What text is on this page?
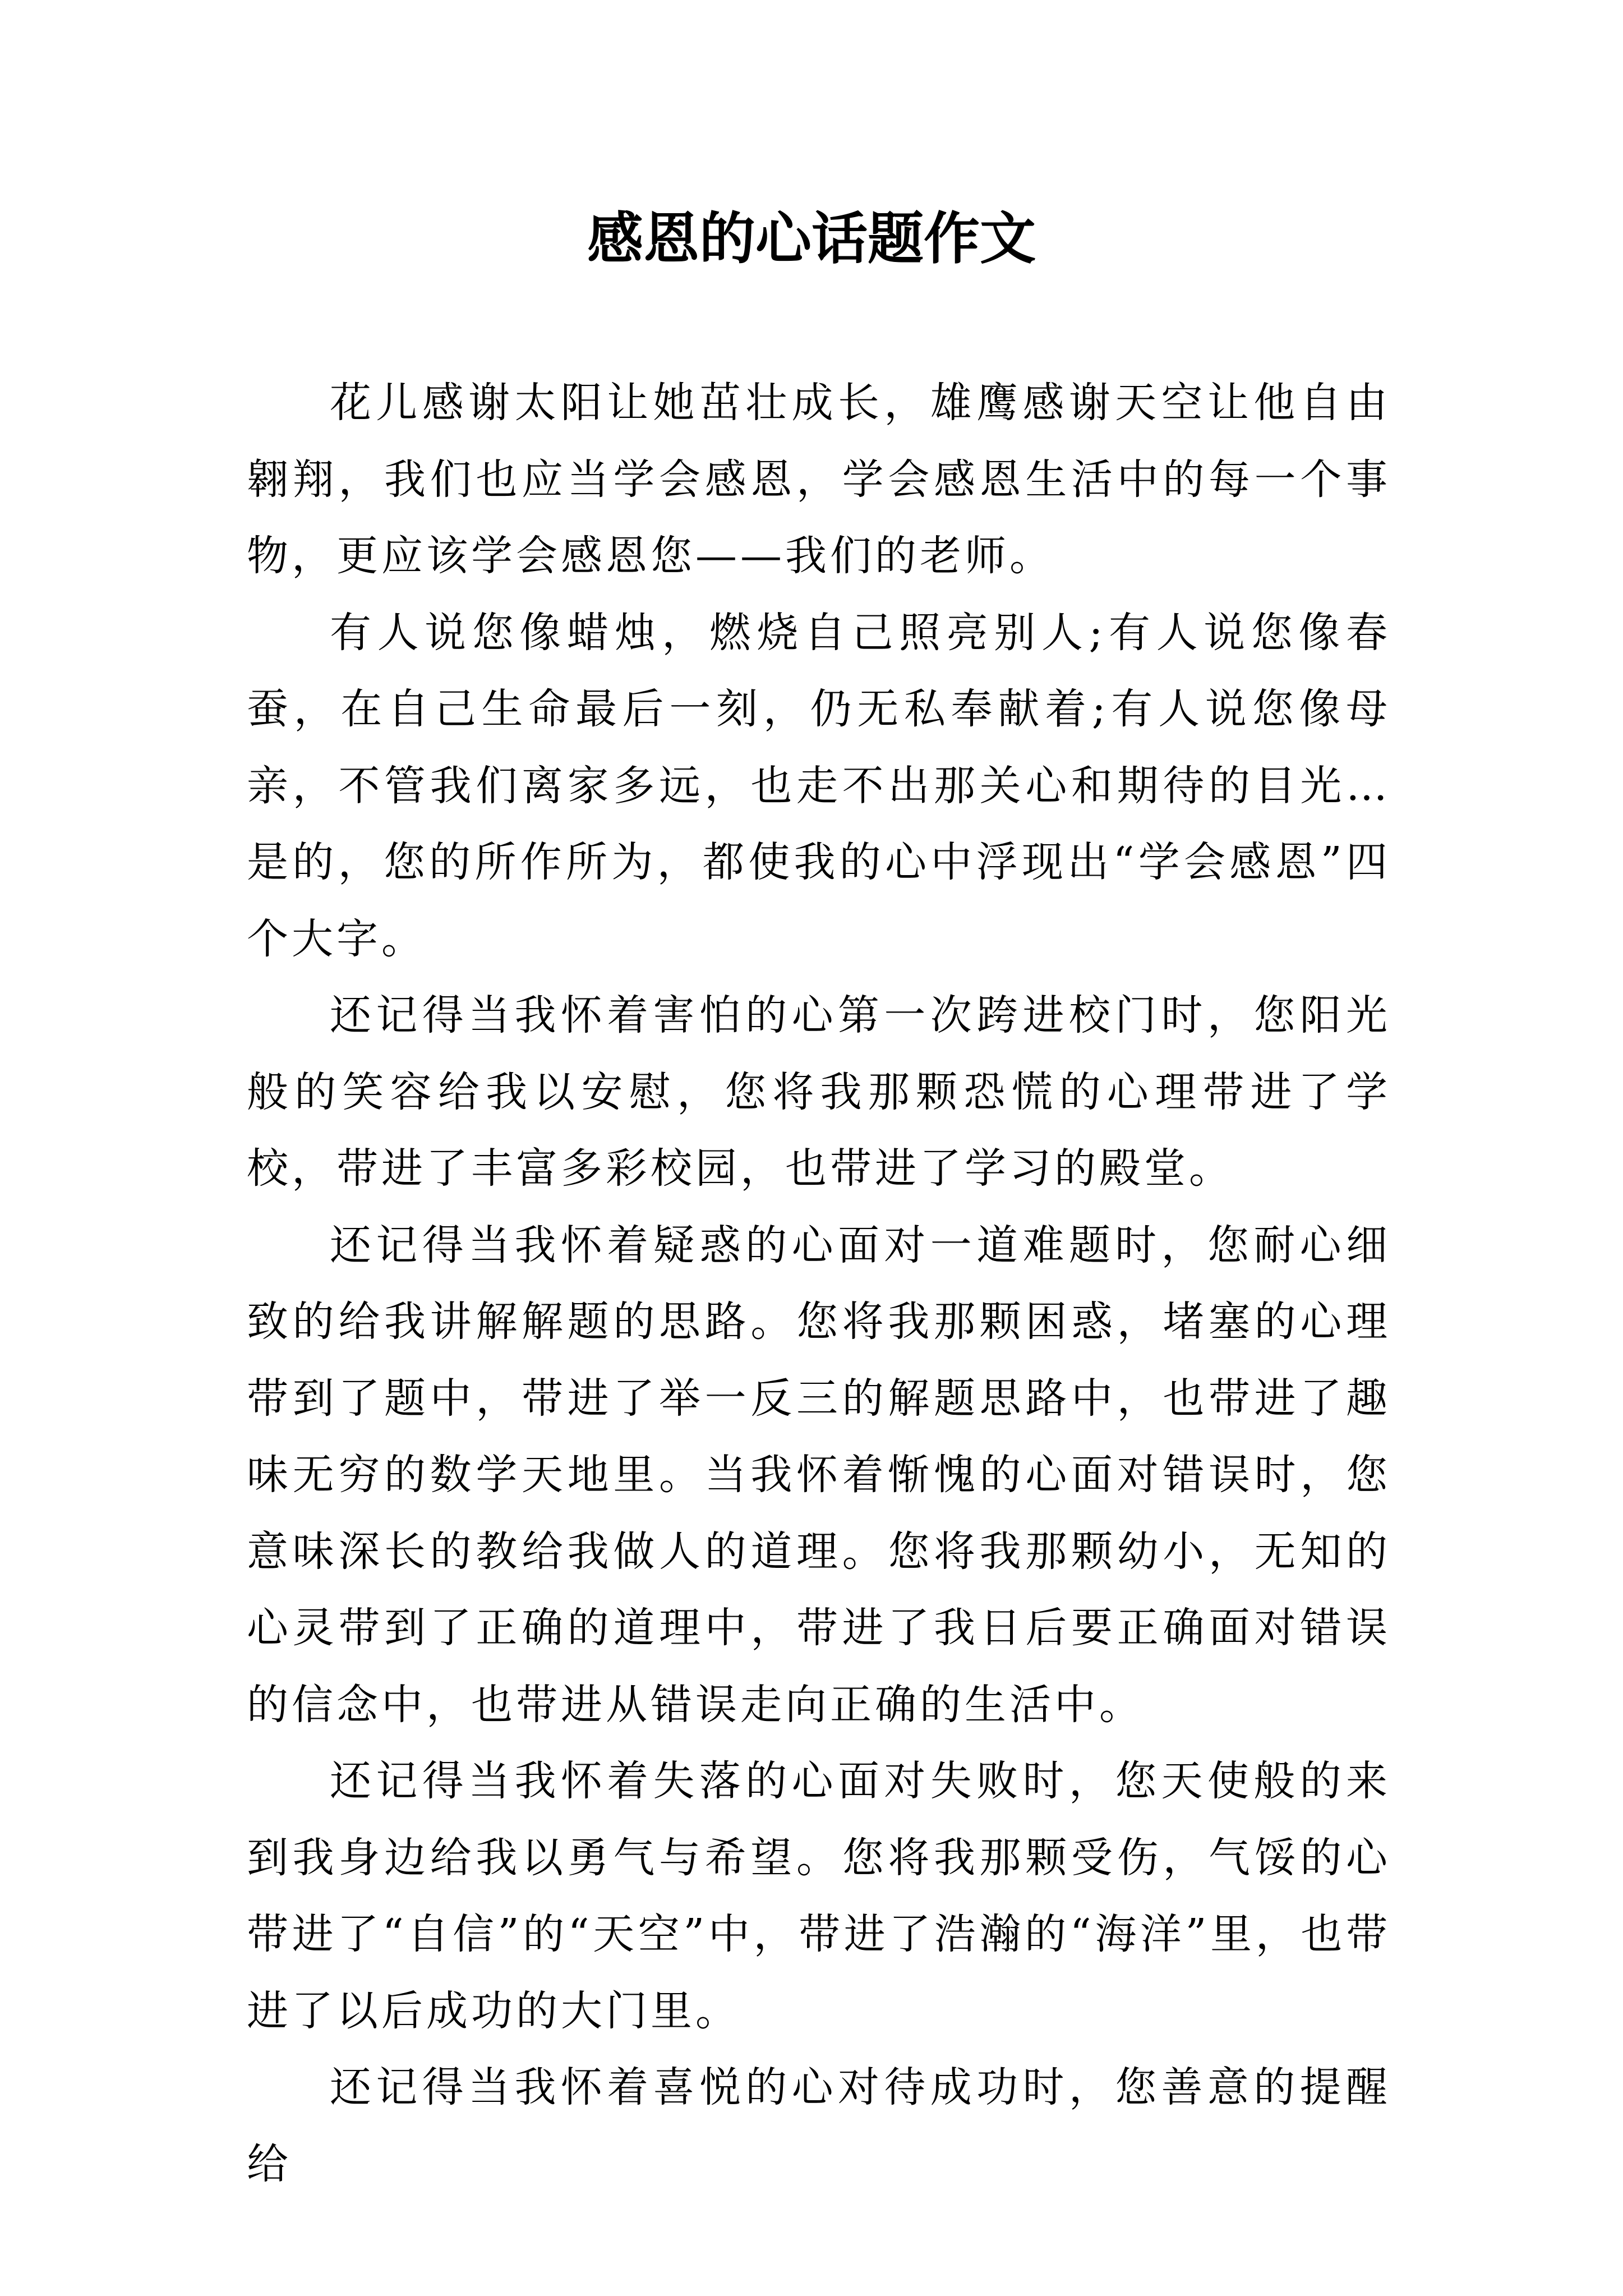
感恩的心话题作文

花儿感谢太阳让她茁壮成长，雄鹰感谢天空让他自由翱翔，我们也应当学会感恩，学会感恩生活中的每一个事物，更应该学会感恩您——我们的老师。

有人说您像蜡烛，燃烧自己照亮别人;有人说您像春蚕，在自己生命最后一刻，仍无私奉献着;有人说您像母亲，不管我们离家多远，也走不出那关心和期待的目光…是的，您的所作所为，都使我的心中浮现出“学会感恩”四个大字。

还记得当我怀着害怕的心第一次跨进校门时，您阳光般的笑容给我以安慰，您将我那颗恐慌的心理带进了学校，带进了丰富多彩校园，也带进了学习的殿堂。

还记得当我怀着疑惑的心面对一道难题时，您耐心细致的给我讲解解题的思路。您将我那颗困惑，堵塞的心理带到了题中，带进了举一反三的解题思路中，也带进了趣味无穷的数学天地里。当我怀着惭愧的心面对错误时，您意味深长的教给我做人的道理。您将我那颗幼小，无知的心灵带到了正确的道理中，带进了我日后要正确面对错误的信念中，也带进从错误走向正确的生活中。

还记得当我怀着失落的心面对失败时，您天使般的来到我身边给我以勇气与希望。您将我那颗受伤，气馁的心带进了“自信”的“天空”中，带进了浩瀚的“海洋”里，也带进了以后成功的大门里。

还记得当我怀着喜悦的心对待成功时，您善意的提醒给
